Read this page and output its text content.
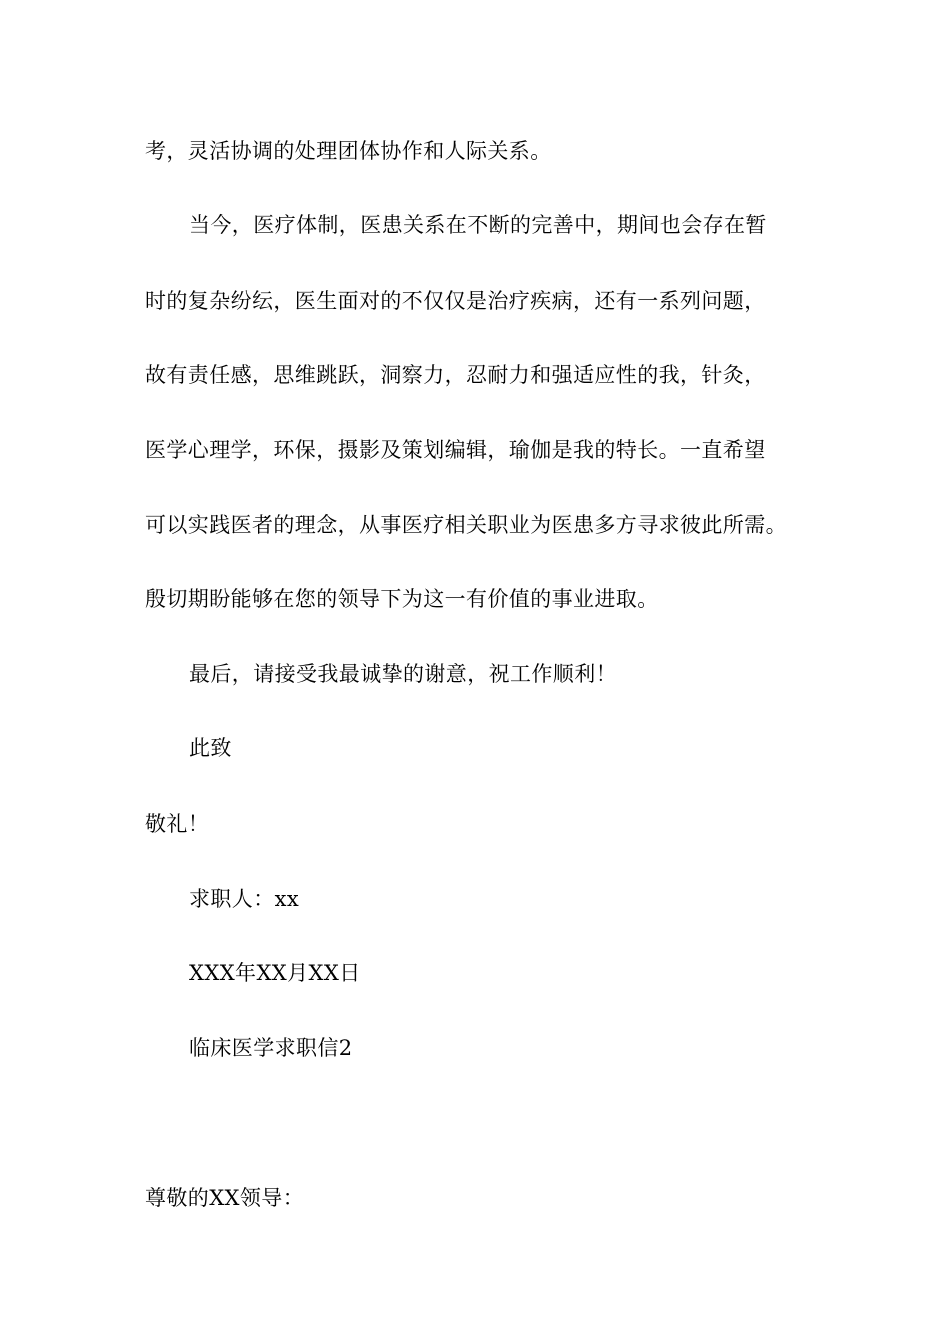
考，灵活协调的处理团体协作和人际关系。
当今，医疗体制，医患关系在不断的完善中，期间也会存在暂
时的复杂纷纭，医生面对的不仅仅是治疗疾病，还有一系列问题，
故有责任感，思维跳跃，洞察力，忍耐力和强适应性的我，针灸，
医学心理学，环保，摄影及策划编辑，瑜伽是我的特长。一直希望
可以实践医者的理念，从事医疗相关职业为医患多方寻求彼此所需。
殷切期盼能够在您的领导下为这一有价值的事业进取。
最后，请接受我最诚挚的谢意，祝工作顺利！
此致
敬礼！
求职人：xx
XXX年XX月XX日
临床医学求职信2
尊敬的XX领导：
